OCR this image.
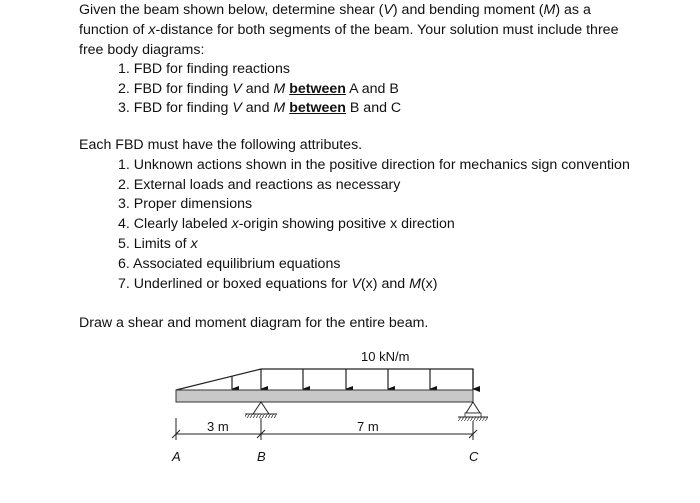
Given the beam shown below, determine shear (V) and bending moment (M) as a
function of x-distance for both segments of the beam. Your solution must include three
free body diagrams:
1. FBD for finding reactions
2. FBD for finding V and M between A and B
3. FBD for finding V and M between B and C
Each FBD must have the following attributes.
1. Unknown actions shown in the positive direction for mechanics sign convention
2. External loads and reactions as necessary
3. Proper dimensions
4. Clearly labeled x-origin showing positive x direction
5. Limits of x
6. Associated equilibrium equations
7. Underlined or boxed equations for V(x) and M(x)
Draw a shear and moment diagram for the entire beam.
10 kN/m
3 m	7 m
A	B	C
